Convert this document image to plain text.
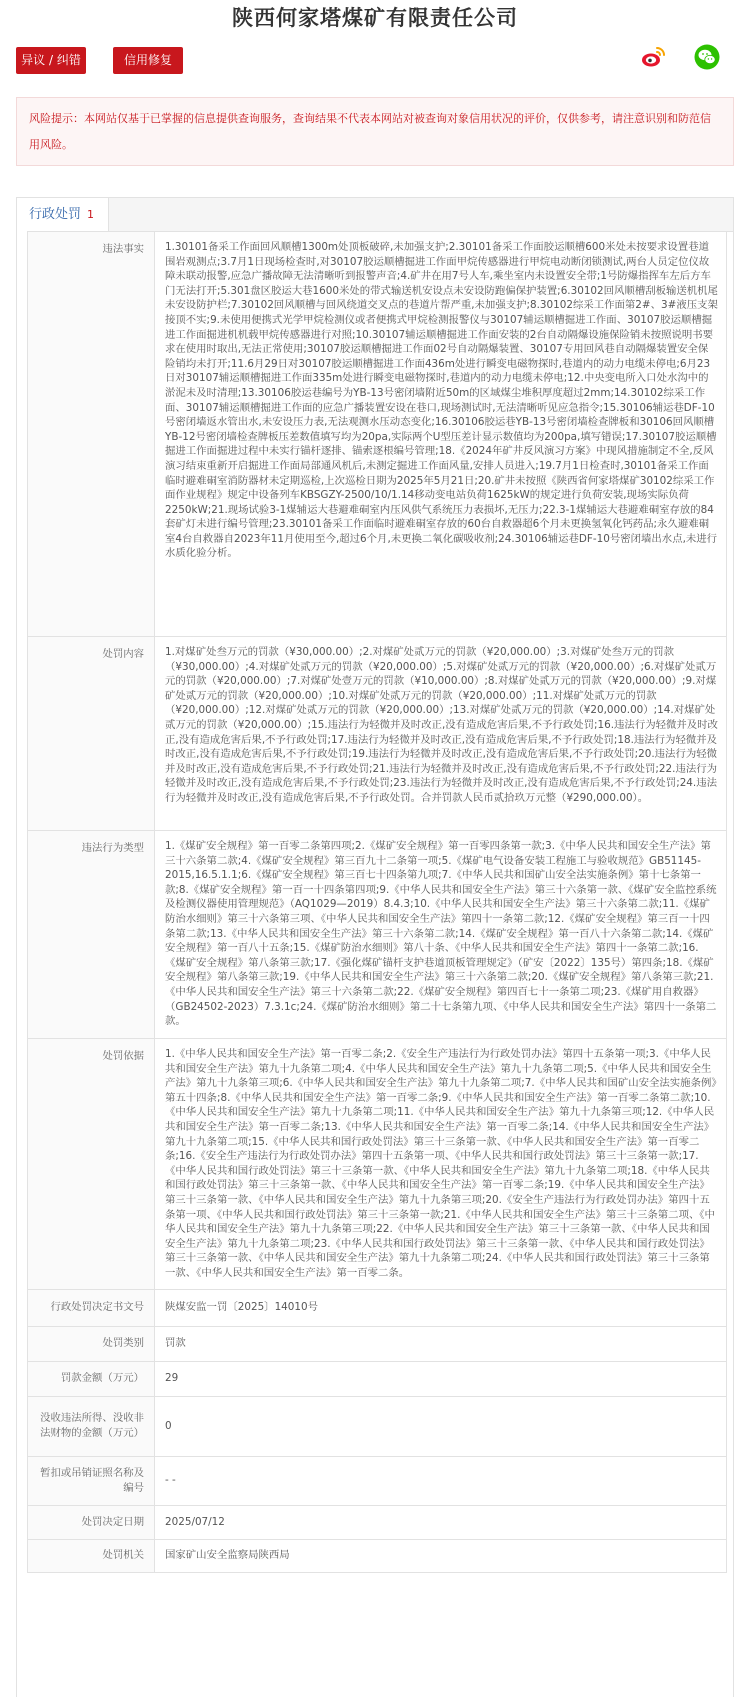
陕西何家塔煤矿有限责任公司
异议 / 纠错	信用修复
风险提示：本网站仅基于已掌握的信息提供查询服务，查询结果不代表本网站对被查询对象信用状况的评价，仅供参考，请注意识别和防范信用风险。
行政处罚 1
违法事实	1.30101备采工作面回风顺槽1300m处顶板破碎,未加强支护;2.30101备采工作面胶运顺槽600米处未按要求设置巷道围岩观测点;3.7月1日现场检查时,对30107胶运顺槽掘进工作面甲烷传感器进行甲烷电动断闭锁测试,两台人员定位仪故障未联动报警,应急广播故障无法清晰听到报警声音;4.矿井在用7号人车,乘坐室内未设置安全带;1号防爆指挥车左后方车门无法打开;5.301盘区胶运大巷1600米处的带式输送机安设点未安设防跑偏保护装置;6.30102回风顺槽刮板输送机机尾未安设防护栏;7.30102回风顺槽与回风绕道交叉点的巷道片帮严重,未加强支护;8.30102综采工作面第2#、3#液压支架接顶不实;9.未使用便携式光学甲烷检测仪或者便携式甲烷检测报警仪与30107辅运顺槽掘进工作面、30107胶运顺槽掘进工作面掘进机机载甲烷传感器进行对照;10.30107辅运顺槽掘进工作面安装的2台自动隔爆设施保险销未按照说明书要求在使用时取出,无法正常使用;30107胶运顺槽掘进工作面02号自动隔爆装置、30107专用回风巷自动隔爆装置安全保险销均未打开;11.6月29日对30107胶运顺槽掘进工作面436m处进行瞬变电磁物探时,巷道内的动力电缆未停电;6月23日对30107辅运顺槽掘进工作面335m处进行瞬变电磁物探时,巷道内的动力电缆未停电;12.中央变电所入口处水沟中的淤泥未及时清理;13.30106胶运巷编号为YB-13号密闭墙附近50m的区域煤尘堆积厚度超过2mm;14.30102综采工作面、30107辅运顺槽掘进工作面的应急广播装置安设在巷口,现场测试时,无法清晰听见应急指令;15.30106辅运巷DF-10号密闭墙返水管出水,未安设压力表,无法观测水压动态变化;16.30106胶运巷YB-13号密闭墙检查牌板和30106回风顺槽YB-12号密闭墙检查牌板压差数值填写均为20pa,实际两个U型压差计显示数值均为200pa,填写错误;17.30107胶运顺槽掘进工作面掘进过程中未实行锚杆逐排、锚索逐根编号管理;18.《2024年矿井反风演习方案》中现风措施制定不全,反风演习结束重新开启掘进工作面局部通风机后,未测定掘进工作面风量,安排人员进入;19.7月1日检查时,30101备采工作面临时避难硐室消防器材未定期巡检,上次巡检日期为2025年5月21日;20.矿井未按照《陕西省何家塔煤矿30102综采工作面作业规程》规定中设备列车KBSGZY-2500/10/1.14移动变电站负荷1625kW的规定进行负荷安装,现场实际负荷2250kW;21.现场试验3-1煤辅运大巷避难硐室内压风供气系统压力表损坏,无压力;22.3-1煤辅运大巷避难硐室存放的84套矿灯未进行编号管理;23.30101备采工作面临时避难硐室存放的60台自救器超6个月未更换氢氧化钙药品;永久避难硐室4台自救器自2023年11月使用至今,超过6个月,未更换二氧化碳吸收剂;24.30106辅运巷DF-10号密闭墙出水点,未进行水质化验分析。
处罚内容	1.对煤矿处叁万元的罚款（¥30,000.00）;2.对煤矿处贰万元的罚款（¥20,000.00）;3.对煤矿处叁万元的罚款（¥30,000.00）;4.对煤矿处贰万元的罚款（¥20,000.00）;5.对煤矿处贰万元的罚款（¥20,000.00）;6.对煤矿处贰万元的罚款（¥20,000.00）;7.对煤矿处壹万元的罚款（¥10,000.00）;8.对煤矿处贰万元的罚款（¥20,000.00）;9.对煤矿处贰万元的罚款（¥20,000.00）;10.对煤矿处贰万元的罚款（¥20,000.00）;11.对煤矿处贰万元的罚款（¥20,000.00）;12.对煤矿处贰万元的罚款（¥20,000.00）;13.对煤矿处贰万元的罚款（¥20,000.00）;14.对煤矿处贰万元的罚款（¥20,000.00）;15.违法行为轻微并及时改正,没有造成危害后果,不予行政处罚;16.违法行为轻微并及时改正,没有造成危害后果,不予行政处罚;17.违法行为轻微并及时改正,没有造成危害后果,不予行政处罚;18.违法行为轻微并及时改正,没有造成危害后果,不予行政处罚;19.违法行为轻微并及时改正,没有造成危害后果,不予行政处罚;20.违法行为轻微并及时改正,没有造成危害后果,不予行政处罚;21.违法行为轻微并及时改正,没有造成危害后果,不予行政处罚;22.违法行为轻微并及时改正,没有造成危害后果,不予行政处罚;23.违法行为轻微并及时改正,没有造成危害后果,不予行政处罚;24.违法行为轻微并及时改正,没有造成危害后果,不予行政处罚。合并罚款人民币贰拾玖万元整（¥290,000.00）。
违法行为类型	1.《煤矿安全规程》第一百零二条第四项;2.《煤矿安全规程》第一百零四条第一款;3.《中华人民共和国安全生产法》第三十六条第二款;4.《煤矿安全规程》第三百九十二条第一项;5.《煤矿电气设备安装工程施工与验收规范》GB51145-2015,16.5.1.1;6.《煤矿安全规程》第三百七十四条第九项;7.《中华人民共和国矿山安全法实施条例》第十七条第一款;8.《煤矿安全规程》第一百一十四条第四项;9.《中华人民共和国安全生产法》第三十六条第一款、《煤矿安全监控系统及检测仪器使用管理规范》（AQ1029—2019）8.4.3;10.《中华人民共和国安全生产法》第三十六条第二款;11.《煤矿防治水细则》第三十六条第三项、《中华人民共和国安全生产法》第四十一条第二款;12.《煤矿安全规程》第三百一十四条第二款;13.《中华人民共和国安全生产法》第三十六条第二款;14.《煤矿安全规程》第一百八十六条第二款;14.《煤矿安全规程》第一百八十五条;15.《煤矿防治水细则》第八十条、《中华人民共和国安全生产法》第四十一条第二款;16.《煤矿安全规程》第八条第三款;17.《强化煤矿锚杆支护巷道顶板管理规定》（矿安〔2022〕135号）第四条;18.《煤矿安全规程》第八条第三款;19.《中华人民共和国安全生产法》第三十六条第二款;20.《煤矿安全规程》第八条第三款;21.《中华人民共和国安全生产法》第三十六条第二款;22.《煤矿安全规程》第四百七十一条第二项;23.《煤矿用自救器》（GB24502-2023）7.3.1c;24.《煤矿防治水细则》第二十七条第九项、《中华人民共和国安全生产法》第四十一条第二款。
处罚依据	1.《中华人民共和国安全生产法》第一百零二条;2.《安全生产违法行为行政处罚办法》第四十五条第一项;3.《中华人民共和国安全生产法》第九十九条第二项;4.《中华人民共和国安全生产法》第九十九条第二项;5.《中华人民共和国安全生产法》第九十九条第三项;6.《中华人民共和国安全生产法》第九十九条第二项;7.《中华人民共和国矿山安全法实施条例》第五十四条;8.《中华人民共和国安全生产法》第一百零二条;9.《中华人民共和国安全生产法》第一百零二条第二款;10.《中华人民共和国安全生产法》第九十九条第二项;11.《中华人民共和国安全生产法》第九十九条第三项;12.《中华人民共和国安全生产法》第一百零二条;13.《中华人民共和国安全生产法》第一百零二条;14.《中华人民共和国安全生产法》第九十九条第二项;15.《中华人民共和国行政处罚法》第三十三条第一款、《中华人民共和国安全生产法》第一百零二条;16.《安全生产违法行为行政处罚办法》第四十五条第一项、《中华人民共和国行政处罚法》第三十三条第一款;17.《中华人民共和国行政处罚法》第三十三条第一款、《中华人民共和国安全生产法》第九十九条第二项;18.《中华人民共和国行政处罚法》第三十三条第一款、《中华人民共和国安全生产法》第一百零二条;19.《中华人民共和国安全生产法》第三十三条第一款、《中华人民共和国安全生产法》第九十九条第三项;20.《安全生产违法行为行政处罚办法》第四十五条第一项、《中华人民共和国行政处罚法》第三十三条第一款;21.《中华人民共和国安全生产法》第三十三条第二项、《中华人民共和国安全生产法》第九十九条第三项;22.《中华人民共和国安全生产法》第三十三条第一款、《中华人民共和国安全生产法》第九十九条第二项;23.《中华人民共和国行政处罚法》第三十三条第一款、《中华人民共和国行政处罚法》第三十三条第一款、《中华人民共和国安全生产法》第九十九条第二项;24.《中华人民共和国行政处罚法》第三十三条第一款、《中华人民共和国安全生产法》第一百零二条。
行政处罚决定书文号	陕煤安监一罚〔2025〕14010号
处罚类别	罚款
罚款金额（万元）	29
没收违法所得、没收非法财物的金额（万元）	0
暂扣或吊销证照名称及编号	- -
处罚决定日期	2025/07/12
处罚机关	国家矿山安全监察局陕西局
